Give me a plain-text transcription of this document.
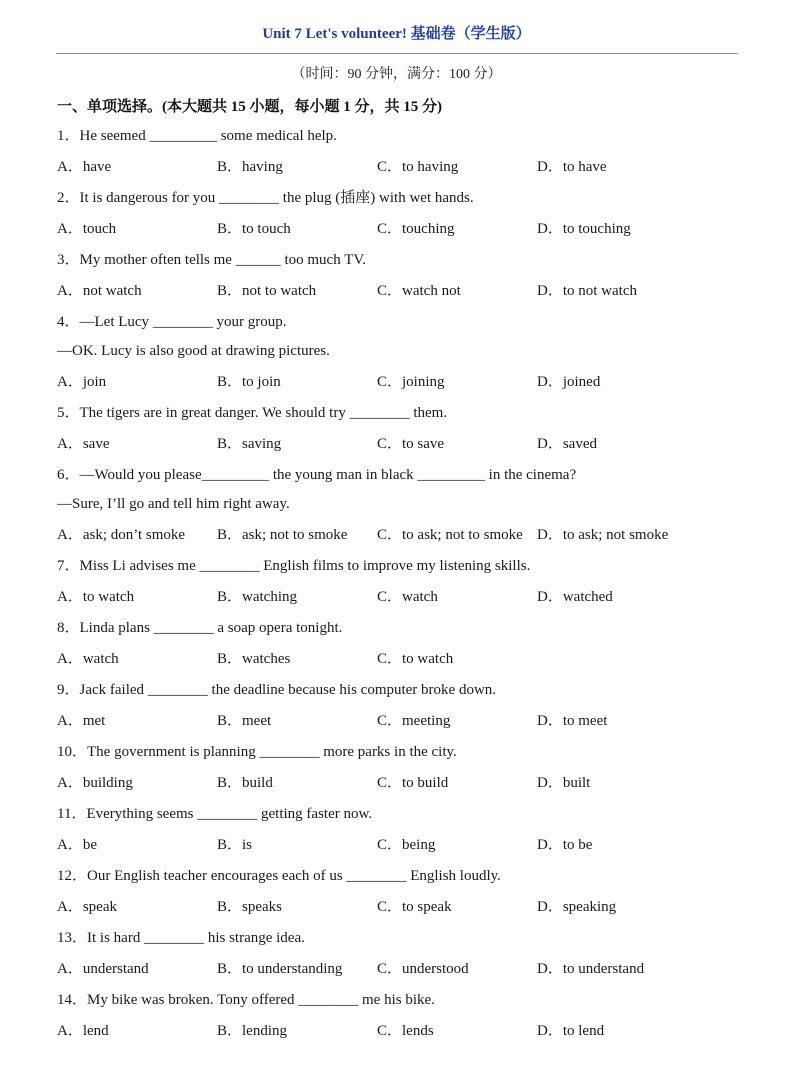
Unit 7 Let's volunteer! 基础卷（学生版）
（时间：90 分钟，满分：100 分）
一、单项选择。(本大题共 15 小题，每小题 1 分，共 15 分)
1．He seemed _________ some medical help.
A．have	B．having	C．to having	D．to have
2．It is dangerous for you ________ the plug (插座) with wet hands.
A．touch	B．to touch	C．touching	D．to touching
3．My mother often tells me ______ too much TV.
A．not watch	B．not to watch	C．watch not	D．to not watch
4．—Let Lucy ________ your group.
—OK. Lucy is also good at drawing pictures.
A．join	B．to join	C．joining	D．joined
5．The tigers are in great danger. We should try ________ them.
A．save	B．saving	C．to save	D．saved
6．—Would you please_________ the young man in black _________ in the cinema?
—Sure, I’ll go and tell him right away.
A．ask; don’t smoke	B．ask; not to smoke	C．to ask; not to smoke D．to ask; not smoke
7．Miss Li advises me ________ English films to improve my listening skills.
A．to watch	B．watching	C．watch	D．watched
8．Linda plans ________ a soap opera tonight.
A．watch	B．watches	C．to watch
9．Jack failed ________ the deadline because his computer broke down.
A．met	B．meet	C．meeting	D．to meet
10．The government is planning ________ more parks in the city.
A．building	B．build	C．to build	D．built
11．Everything seems ________ getting faster now.
A．be	B．is	C．being	D．to be
12．Our English teacher encourages each of us ________ English loudly.
A．speak	B．speaks	C．to speak	D．speaking
13．It is hard ________ his strange idea.
A．understand	B．to understanding	C．understood	D．to understand
14．My bike was broken. Tony offered ________ me his bike.
A．lend	B．lending	C．lends	D．to lend
